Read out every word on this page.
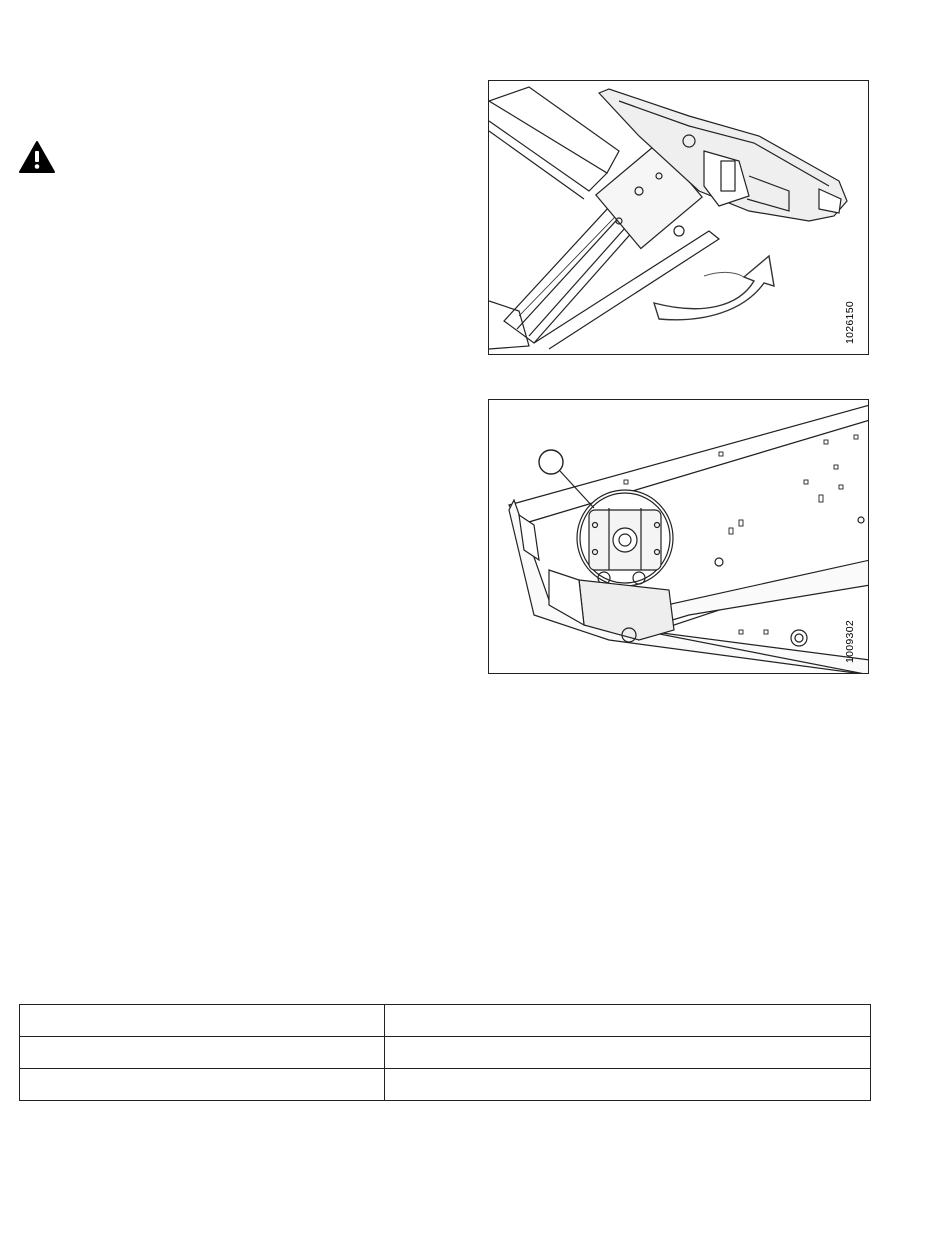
1026150
1009302
